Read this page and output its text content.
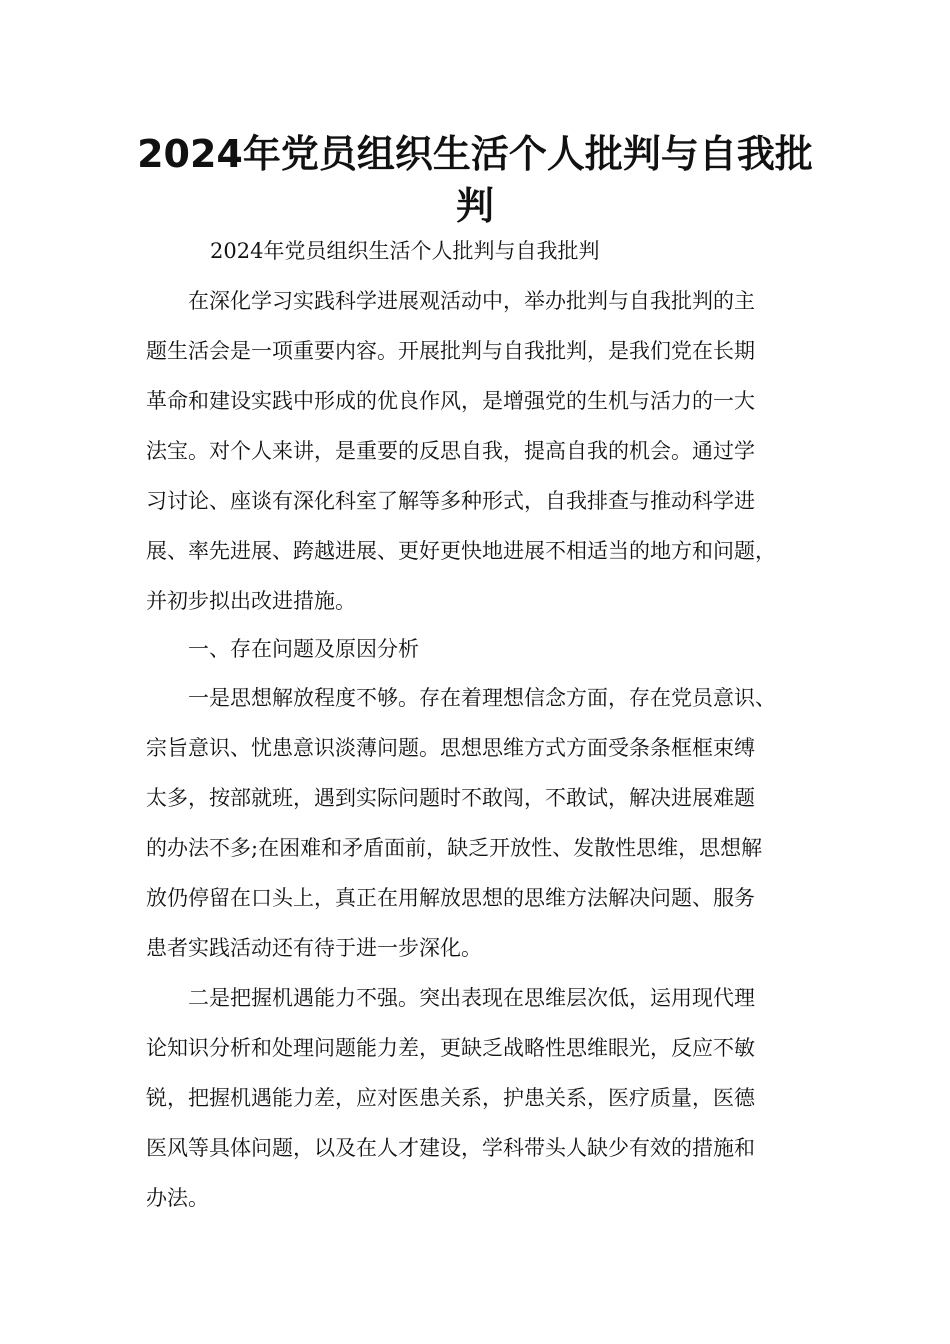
2024年党员组织生活个人批判与自我批
判

2024年党员组织生活个人批判与自我批判

在深化学习实践科学进展观活动中，举办批判与自我批判的主
题生活会是一项重要内容。开展批判与自我批判，是我们党在长期
革命和建设实践中形成的优良作风，是增强党的生机与活力的一大
法宝。对个人来讲，是重要的反思自我，提高自我的机会。通过学
习讨论、座谈有深化科室了解等多种形式，自我排查与推动科学进
展、率先进展、跨越进展、更好更快地进展不相适当的地方和问题，
并初步拟出改进措施。

一、存在问题及原因分析

一是思想解放程度不够。存在着理想信念方面，存在党员意识、
宗旨意识、忧患意识淡薄问题。思想思维方式方面受条条框框束缚
太多，按部就班，遇到实际问题时不敢闯，不敢试，解决进展难题
的办法不多;在困难和矛盾面前，缺乏开放性、发散性思维，思想解
放仍停留在口头上，真正在用解放思想的思维方法解决问题、服务
患者实践活动还有待于进一步深化。

二是把握机遇能力不强。突出表现在思维层次低，运用现代理
论知识分析和处理问题能力差，更缺乏战略性思维眼光，反应不敏
锐，把握机遇能力差，应对医患关系，护患关系，医疗质量，医德
医风等具体问题，以及在人才建设，学科带头人缺少有效的措施和
办法。
